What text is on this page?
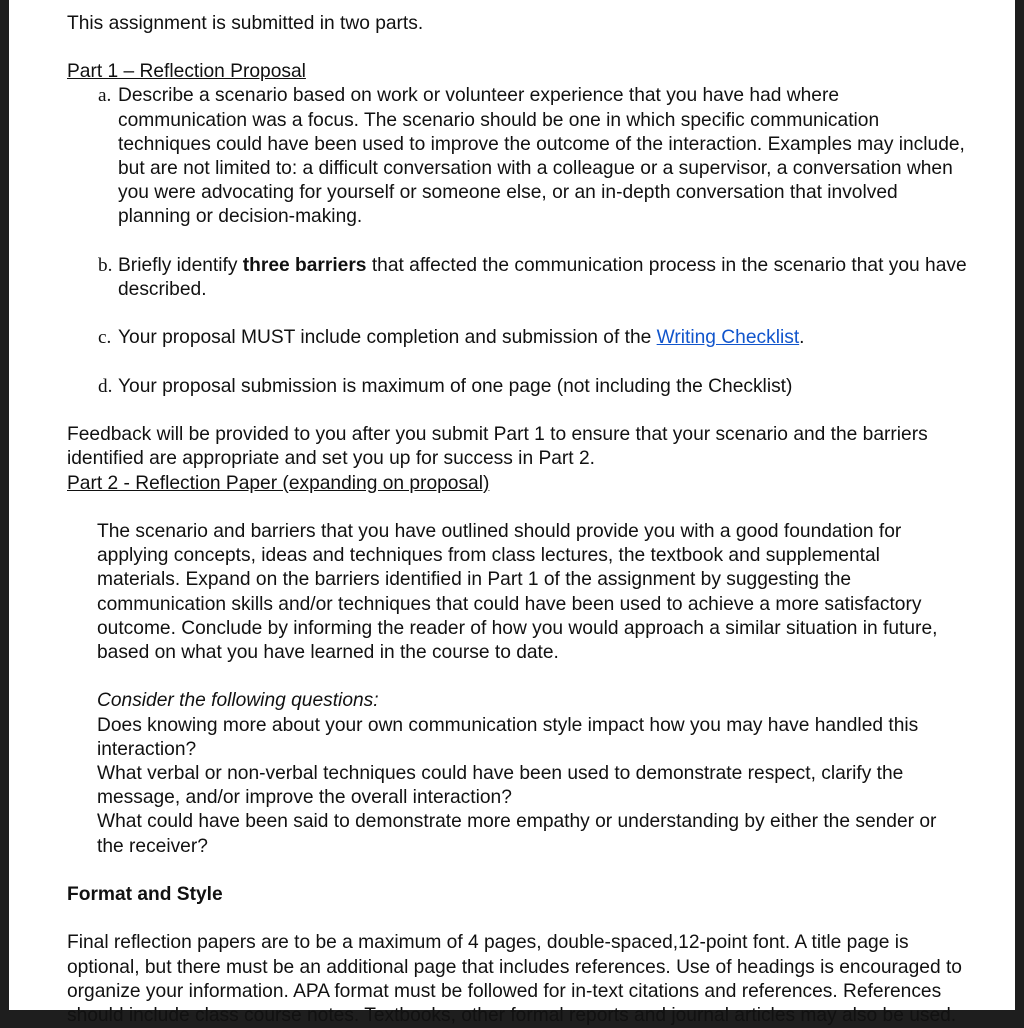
This assignment is submitted in two parts.

Part 1 – Reflection Proposal

a. Describe a scenario based on work or volunteer experience that you have had where communication was a focus. The scenario should be one in which specific communication techniques could have been used to improve the outcome of the interaction. Examples may include, but are not limited to: a difficult conversation with a colleague or a supervisor, a conversation when you were advocating for yourself or someone else, or an in-depth conversation that involved planning or decision-making.
b. Briefly identify three barriers that affected the communication process in the scenario that you have described.
c. Your proposal MUST include completion and submission of the Writing Checklist.
d. Your proposal submission is maximum of one page (not including the Checklist)

Feedback will be provided to you after you submit Part 1 to ensure that your scenario and the barriers identified are appropriate and set you up for success in Part 2.

Part 2 - Reflection Paper (expanding on proposal)

The scenario and barriers that you have outlined should provide you with a good foundation for applying concepts, ideas and techniques from class lectures, the textbook and supplemental materials. Expand on the barriers identified in Part 1 of the assignment by suggesting the communication skills and/or techniques that could have been used to achieve a more satisfactory outcome. Conclude by informing the reader of how you would approach a similar situation in future, based on what you have learned in the course to date.

Consider the following questions:

Does knowing more about your own communication style impact how you may have handled this interaction?

What verbal or non-verbal techniques could have been used to demonstrate respect, clarify the message, and/or improve the overall interaction?

What could have been said to demonstrate more empathy or understanding by either the sender or the receiver?

Format and Style

Final reflection papers are to be a maximum of 4 pages, double-spaced,12-point font. A title page is optional, but there must be an additional page that includes references. Use of headings is encouraged to organize your information. APA format must be followed for in-text citations and references. References should include class course notes. Textbooks, other formal reports and journal articles may also be used.
